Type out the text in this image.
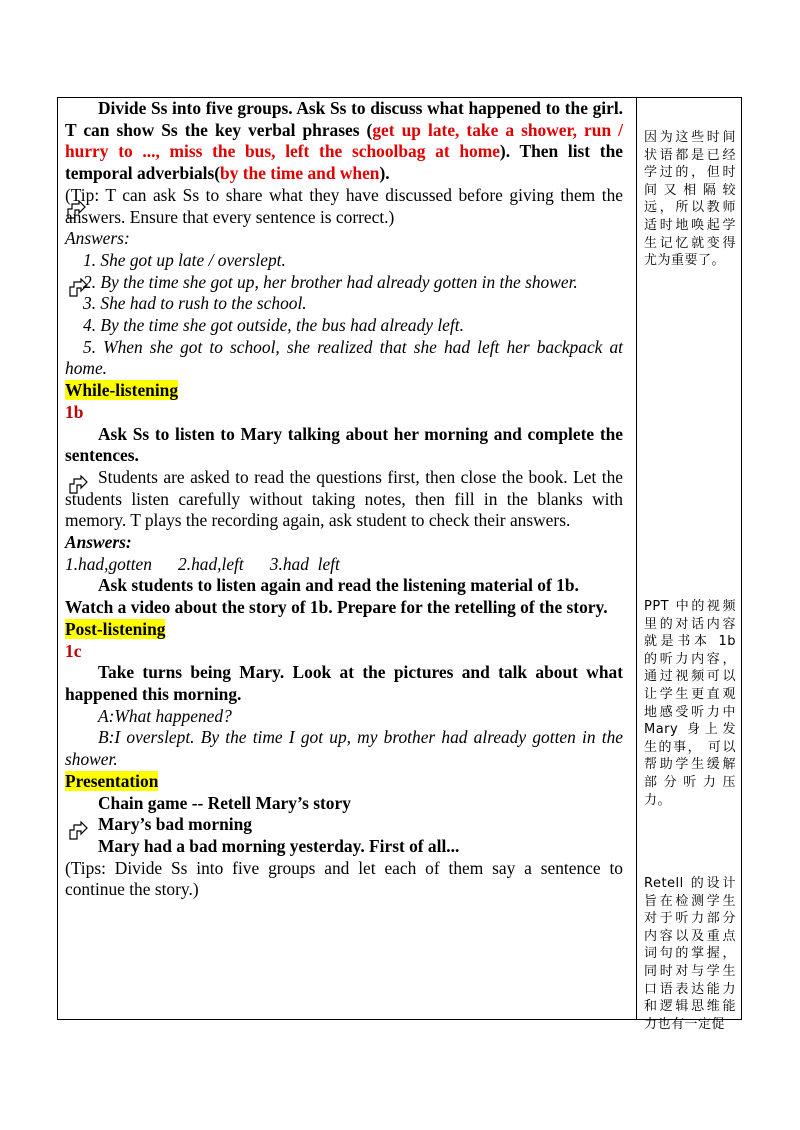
Divide Ss into five groups. Ask Ss to discuss what happened to the girl. T can show Ss the key verbal phrases (get up late, take a shower, run / hurry to ..., miss the bus, left the schoolbag at home). Then list the temporal adverbials(by the time and when).

(Tip: T can ask Ss to share what they have discussed before giving them the answers. Ensure that every sentence is correct.)

Answers:

1. She got up late / overslept.

2. By the time she got up, her brother had already gotten in the shower.

3. She had to rush to the school.

4. By the time she got outside, the bus had already left.

5. When she got to school, she realized that she had left her backpack at home.

While-listening

1b

Ask Ss to listen to Mary talking about her morning and complete the sentences.

Students are asked to read the questions first, then close the book. Let the students listen carefully without taking notes, then fill in the blanks with memory. T plays the recording again, ask student to check their answers.

Answers:

1.had,gotten      2.had,left      3.had  left

Ask students to listen again and read the listening material of 1b.

Watch a video about the story of 1b. Prepare for the retelling of the story.

Post-listening

1c

Take turns being Mary. Look at the pictures and talk about what happened this morning.

A:What happened?

B:I overslept. By the time I got up, my brother had already gotten in the shower.

Presentation

Chain game -- Retell Mary’s story

Mary’s bad morning

Mary had a bad morning yesterday. First of all...

(Tips: Divide Ss into five groups and let each of them say a sentence to continue the story.)

因为这些时间状语都是已经学过的，但时间又相隔较远，所以教师适时地唤起学生记忆就变得尤为重要了。
PPT 中的视频里的对话内容就是书本 1b 的听力内容，通过视频可以让学生更直观地感受听力中 Mary 身上发生的事， 可以帮助学生缓解部分听力压力。
Retell 的设计旨在检测学生对于听力部分内容以及重点词句的掌握，同时对与学生口语表达能力和逻辑思维能力也有一定促
